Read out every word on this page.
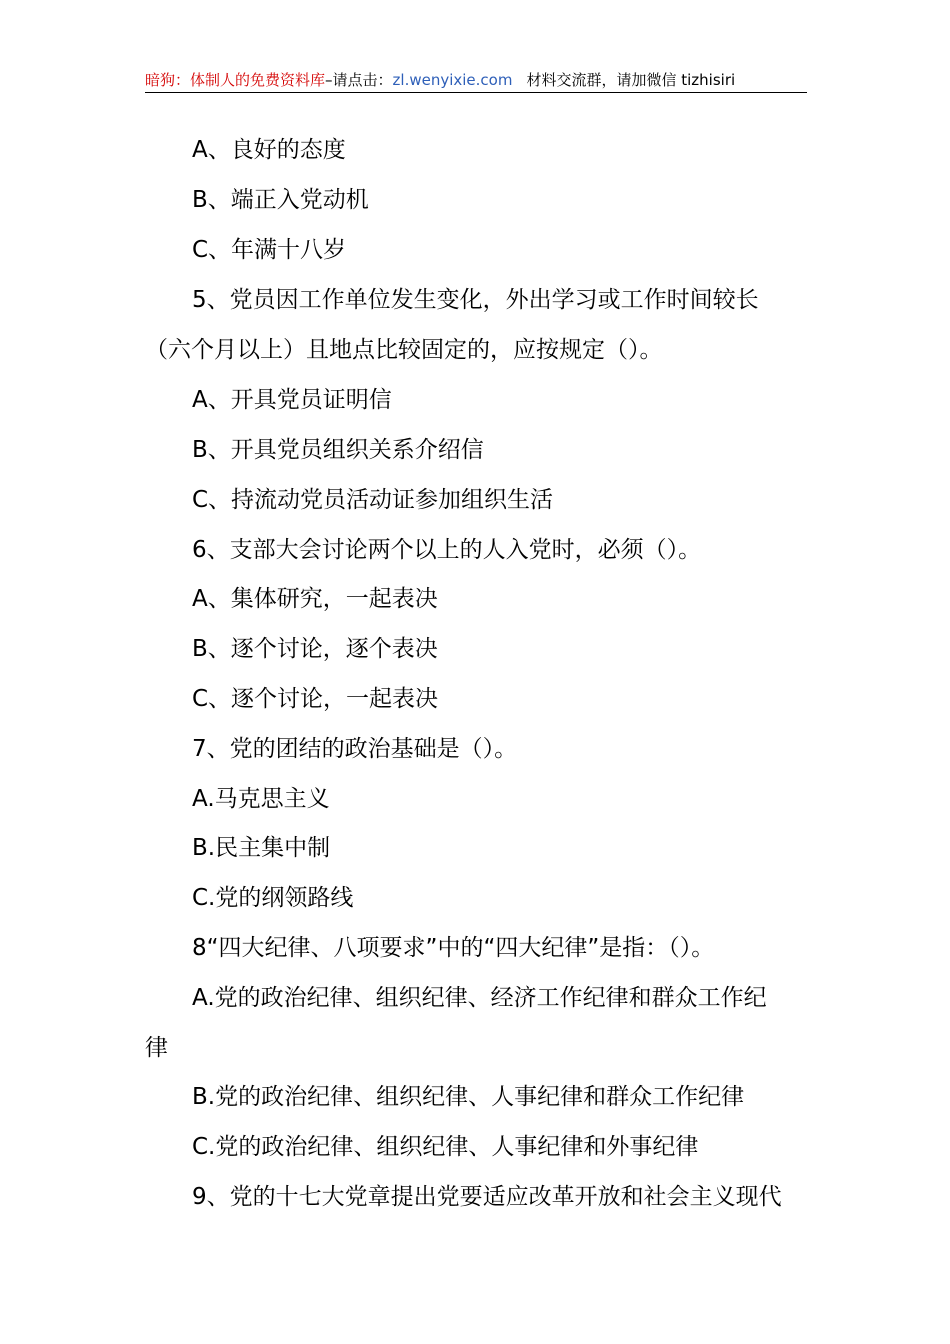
暗狗：体制人的免费资料库–请点击：zl.wenyixie.com 材料交流群，请加微信 tizhisiri
A、良好的态度
B、端正入党动机
C、年满十八岁
5、党员因工作单位发生变化，外出学习或工作时间较长
（六个月以上）且地点比较固定的，应按规定（）。
A、开具党员证明信
B、开具党员组织关系介绍信
C、持流动党员活动证参加组织生活
6、支部大会讨论两个以上的人入党时，必须（）。
A、集体研究，一起表决
B、逐个讨论，逐个表决
C、逐个讨论，一起表决
7、党的团结的政治基础是（）。
A.马克思主义
B.民主集中制
C.党的纲领路线
8“四大纪律、八项要求”中的“四大纪律”是指：（）。
A.党的政治纪律、组织纪律、经济工作纪律和群众工作纪
律
B.党的政治纪律、组织纪律、人事纪律和群众工作纪律
C.党的政治纪律、组织纪律、人事纪律和外事纪律
9、党的十七大党章提出党要适应改革开放和社会主义现代
